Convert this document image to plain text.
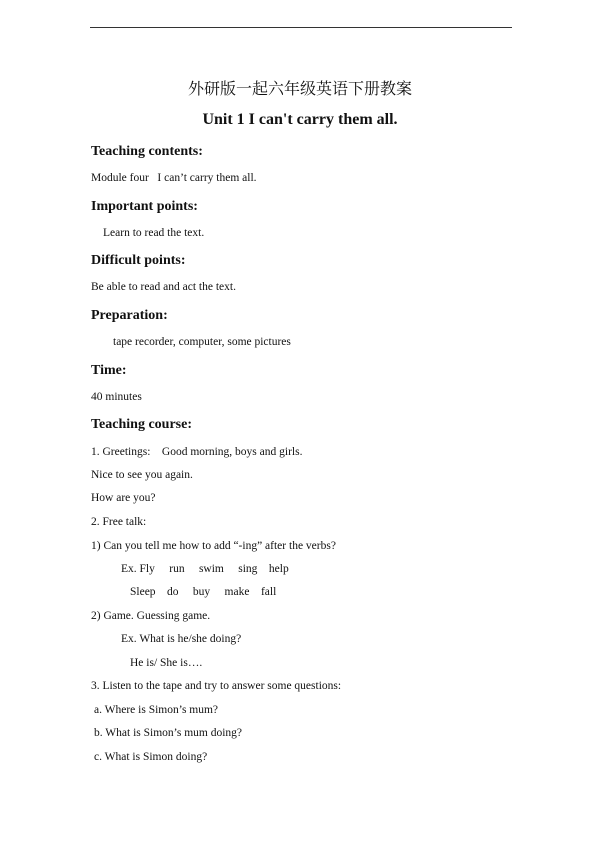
外研版一起六年级英语下册教案
Unit 1 I can't carry them all.
Teaching contents:
Module four   I can’t carry them all.
Important points:
Learn to read the text.
Difficult points:
Be able to read and act the text.
Preparation:
tape recorder, computer, some pictures
Time:
40 minutes
Teaching course:
1. Greetings:    Good morning, boys and girls.
Nice to see you again.
How are you?
2. Free talk:
1) Can you tell me how to add “-ing” after the verbs?
Ex. Fly     run     swim     sing    help
Sleep    do     buy     make    fall
2) Game. Guessing game.
Ex. What is he/she doing?
He is/ She is….
3. Listen to the tape and try to answer some questions:
a. Where is Simon’s mum?
b. What is Simon’s mum doing?
c. What is Simon doing?
